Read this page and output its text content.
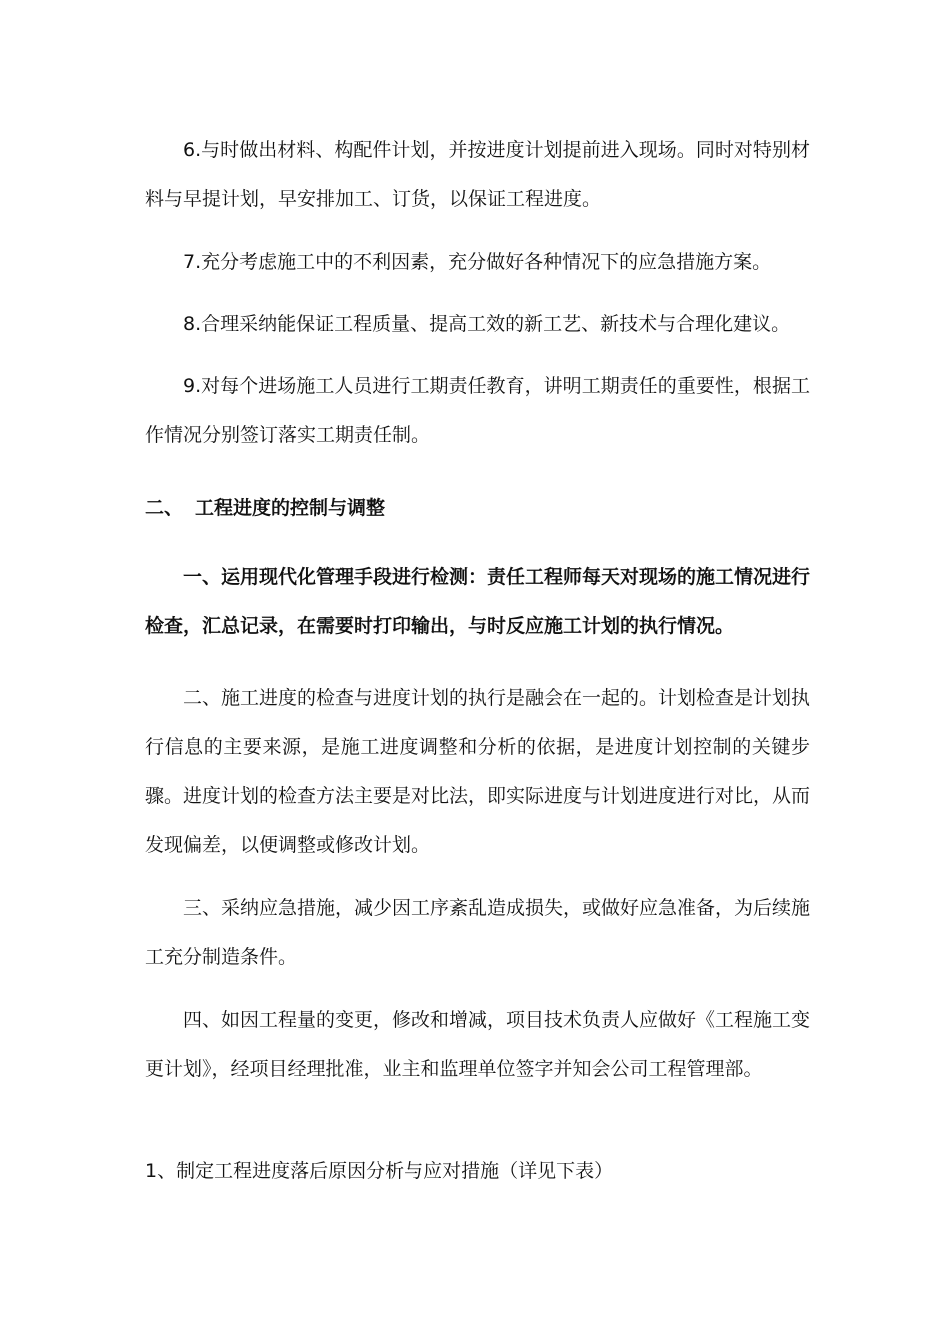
6.与时做出材料、构配件计划，并按进度计划提前进入现场。同时对特别材料与早提计划，早安排加工、订货，以保证工程进度。

7.充分考虑施工中的不利因素，充分做好各种情况下的应急措施方案。

8.合理采纳能保证工程质量、提高工效的新工艺、新技术与合理化建议。

9.对每个进场施工人员进行工期责任教育，讲明工期责任的重要性，根据工作情况分别签订落实工期责任制。

二、 工程进度的控制与调整

一、运用现代化管理手段进行检测：责任工程师每天对现场的施工情况进行检查，汇总记录，在需要时打印输出，与时反应施工计划的执行情况。

二、施工进度的检查与进度计划的执行是融会在一起的。计划检查是计划执行信息的主要来源，是施工进度调整和分析的依据，是进度计划控制的关键步骤。进度计划的检查方法主要是对比法，即实际进度与计划进度进行对比，从而发现偏差，以便调整或修改计划。

三、采纳应急措施，减少因工序紊乱造成损失，或做好应急准备，为后续施工充分制造条件。

四、如因工程量的变更，修改和增减，项目技术负责人应做好《工程施工变更计划》，经项目经理批准，业主和监理单位签字并知会公司工程管理部。

1、制定工程进度落后原因分析与应对措施（详见下表）
